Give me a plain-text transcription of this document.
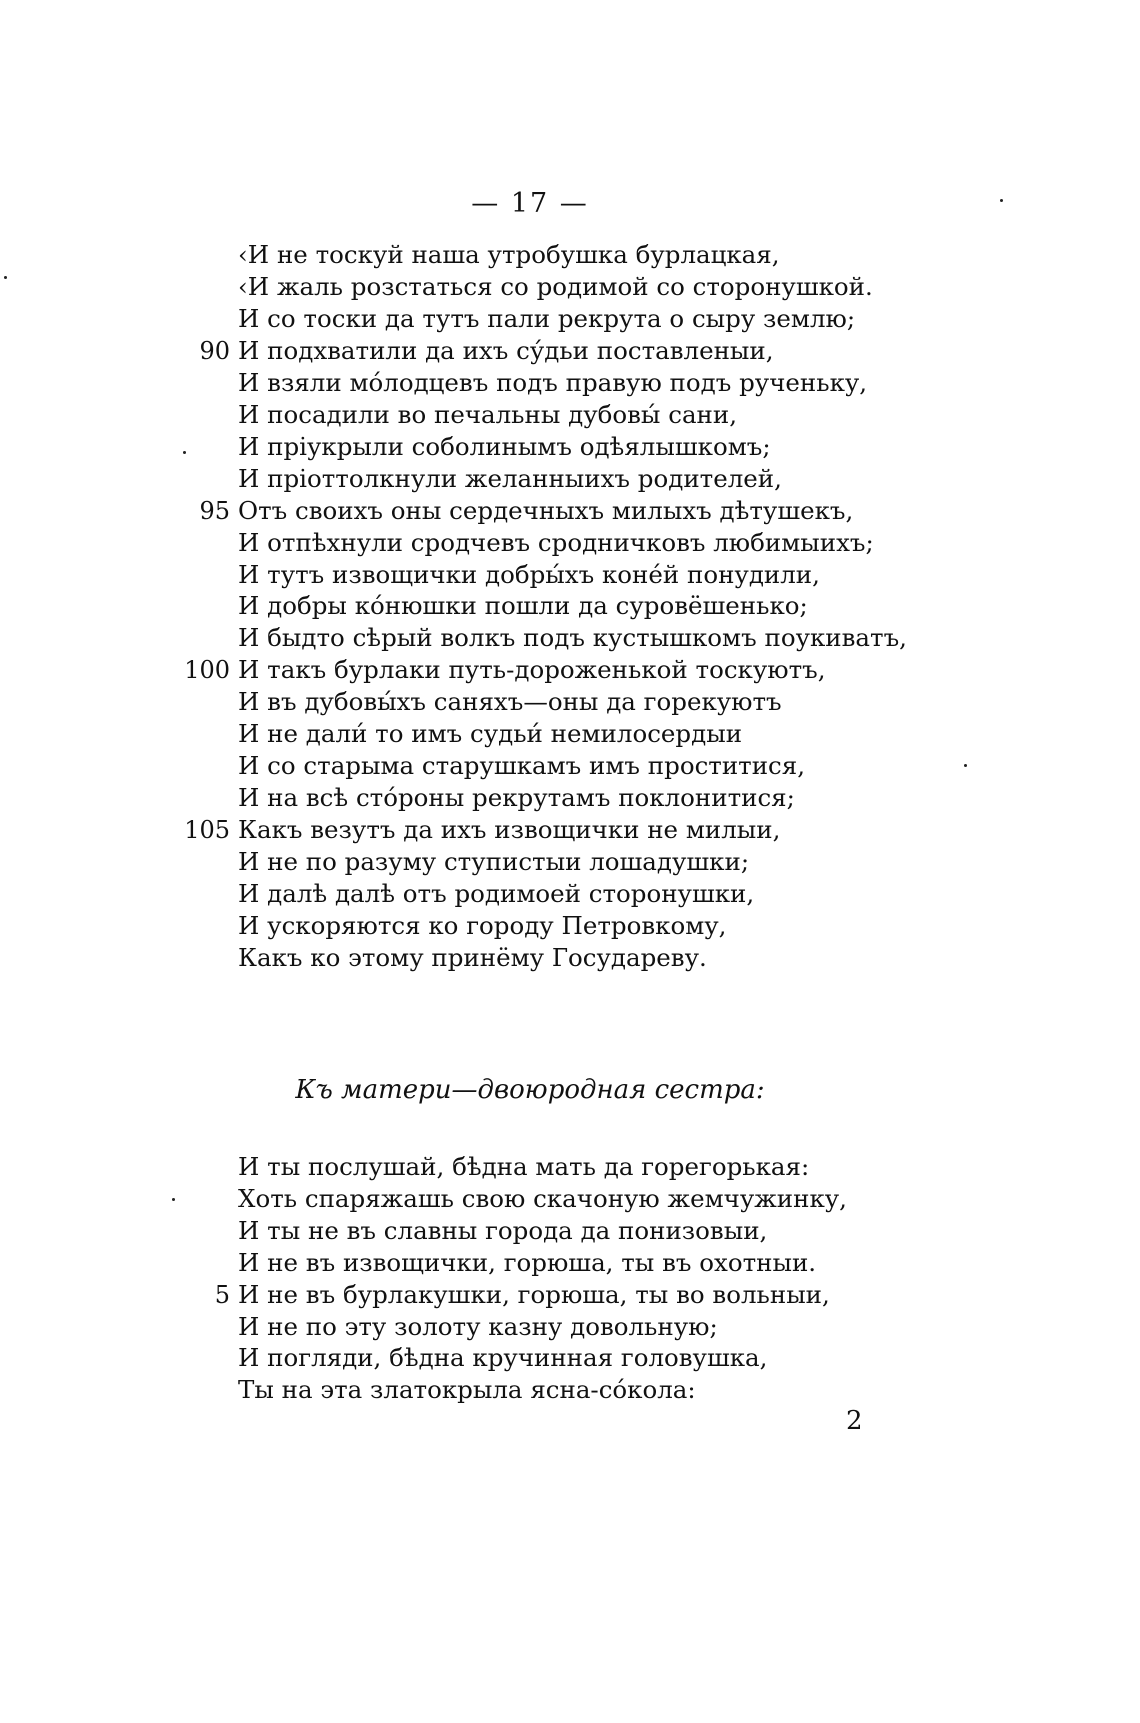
— 17 —
‹И не тоскуй наша утробушка бурлацкая,
‹И жаль розстаться со родимой со сторонушкой.
И со тоски да тутъ пали рекрута о сыру землю;
90 И подхватили да ихъ су́дьи поставленыи,
И взяли мо́лодцевъ подъ правую подъ рученьку,
И посадили во печальны дубовы́ сани,
И прiукрыли соболинымъ одѣялышкомъ;
И прiоттолкнули желанныихъ родителей,
95 Отъ своихъ оны сердечныхъ милыхъ дѣтушекъ,
И отпѣхнули сродчевъ сродничковъ любимыихъ;
И тутъ извощички добры́хъ коне́й понудили,
И добры ко́нюшки пошли да суровёшенько;
И быдто сѣрый волкъ подъ кустышкомъ поукиватъ,
100 И такъ бурлаки путь-дороженькой тоскуютъ,
И въ дубовы́хъ саняхъ—оны да горекуютъ
И не дали́ то имъ судьи́ немилосердыи
И со старыма старушкамъ имъ проститися,
И на всѣ сто́роны рекрутамъ поклонитися;
105 Какъ везутъ да ихъ извощички не милыи,
И не по разуму ступистыи лошадушки;
И далѣ далѣ отъ родимоей сторонушки,
И ускоряются ко городу Петровкому,
Какъ ко этому принёму Государеву.
Къ матери—двоюродная сестра:
И ты послушай, бѣдна мать да горегорькая:
Хоть спаряжашь свою скачоную жемчужинку,
И ты не въ славны города да понизовыи,
И не въ извощички, горюша, ты въ охотныи.
5 И не въ бурлакушки, горюша, ты во вольныи,
И не по эту золоту казну довольную;
И погляди, бѣдна кручинная головушка,
Ты на эта златокрыла ясна-со́кола:
2
